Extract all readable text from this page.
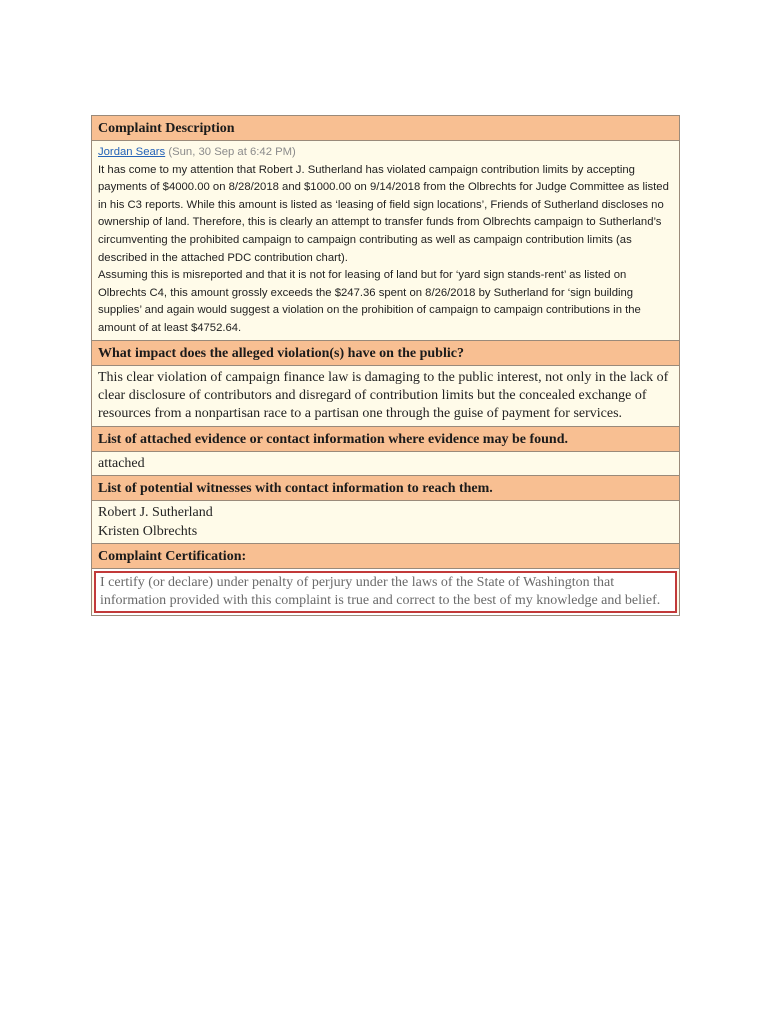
Complaint Description

Jordan Sears (Sun, 30 Sep at 6:42 PM)

It has come to my attention that Robert J. Sutherland has violated campaign contribution limits by accepting payments of $4000.00 on 8/28/2018 and $1000.00 on 9/14/2018 from the Olbrechts for Judge Committee as listed in his C3 reports. While this amount is listed as ‘leasing of field sign locations’, Friends of Sutherland discloses no ownership of land. Therefore, this is clearly an attempt to transfer funds from Olbrechts campaign to Sutherland’s circumventing the prohibited campaign to campaign contributing as well as campaign contribution limits (as described in the attached PDC contribution chart).

Assuming this is misreported and that it is not for leasing of land but for ‘yard sign stands-rent’ as listed on Olbrechts C4, this amount grossly exceeds the $247.36 spent on 8/26/2018 by Sutherland for ‘sign building supplies’ and again would suggest a violation on the prohibition of campaign to campaign contributions in the amount of at least $4752.64.

What impact does the alleged violation(s) have on the public?

This clear violation of campaign finance law is damaging to the public interest, not only in the lack of clear disclosure of contributors and disregard of contribution limits but the concealed exchange of resources from a nonpartisan race to a partisan one through the guise of payment for services.

List of attached evidence or contact information where evidence may be found.

attached

List of potential witnesses with contact information to reach them.

Robert J. Sutherland

Kristen Olbrechts

Complaint Certification:

I certify (or declare) under penalty of perjury under the laws of the State of Washington that information provided with this complaint is true and correct to the best of my knowledge and belief.
